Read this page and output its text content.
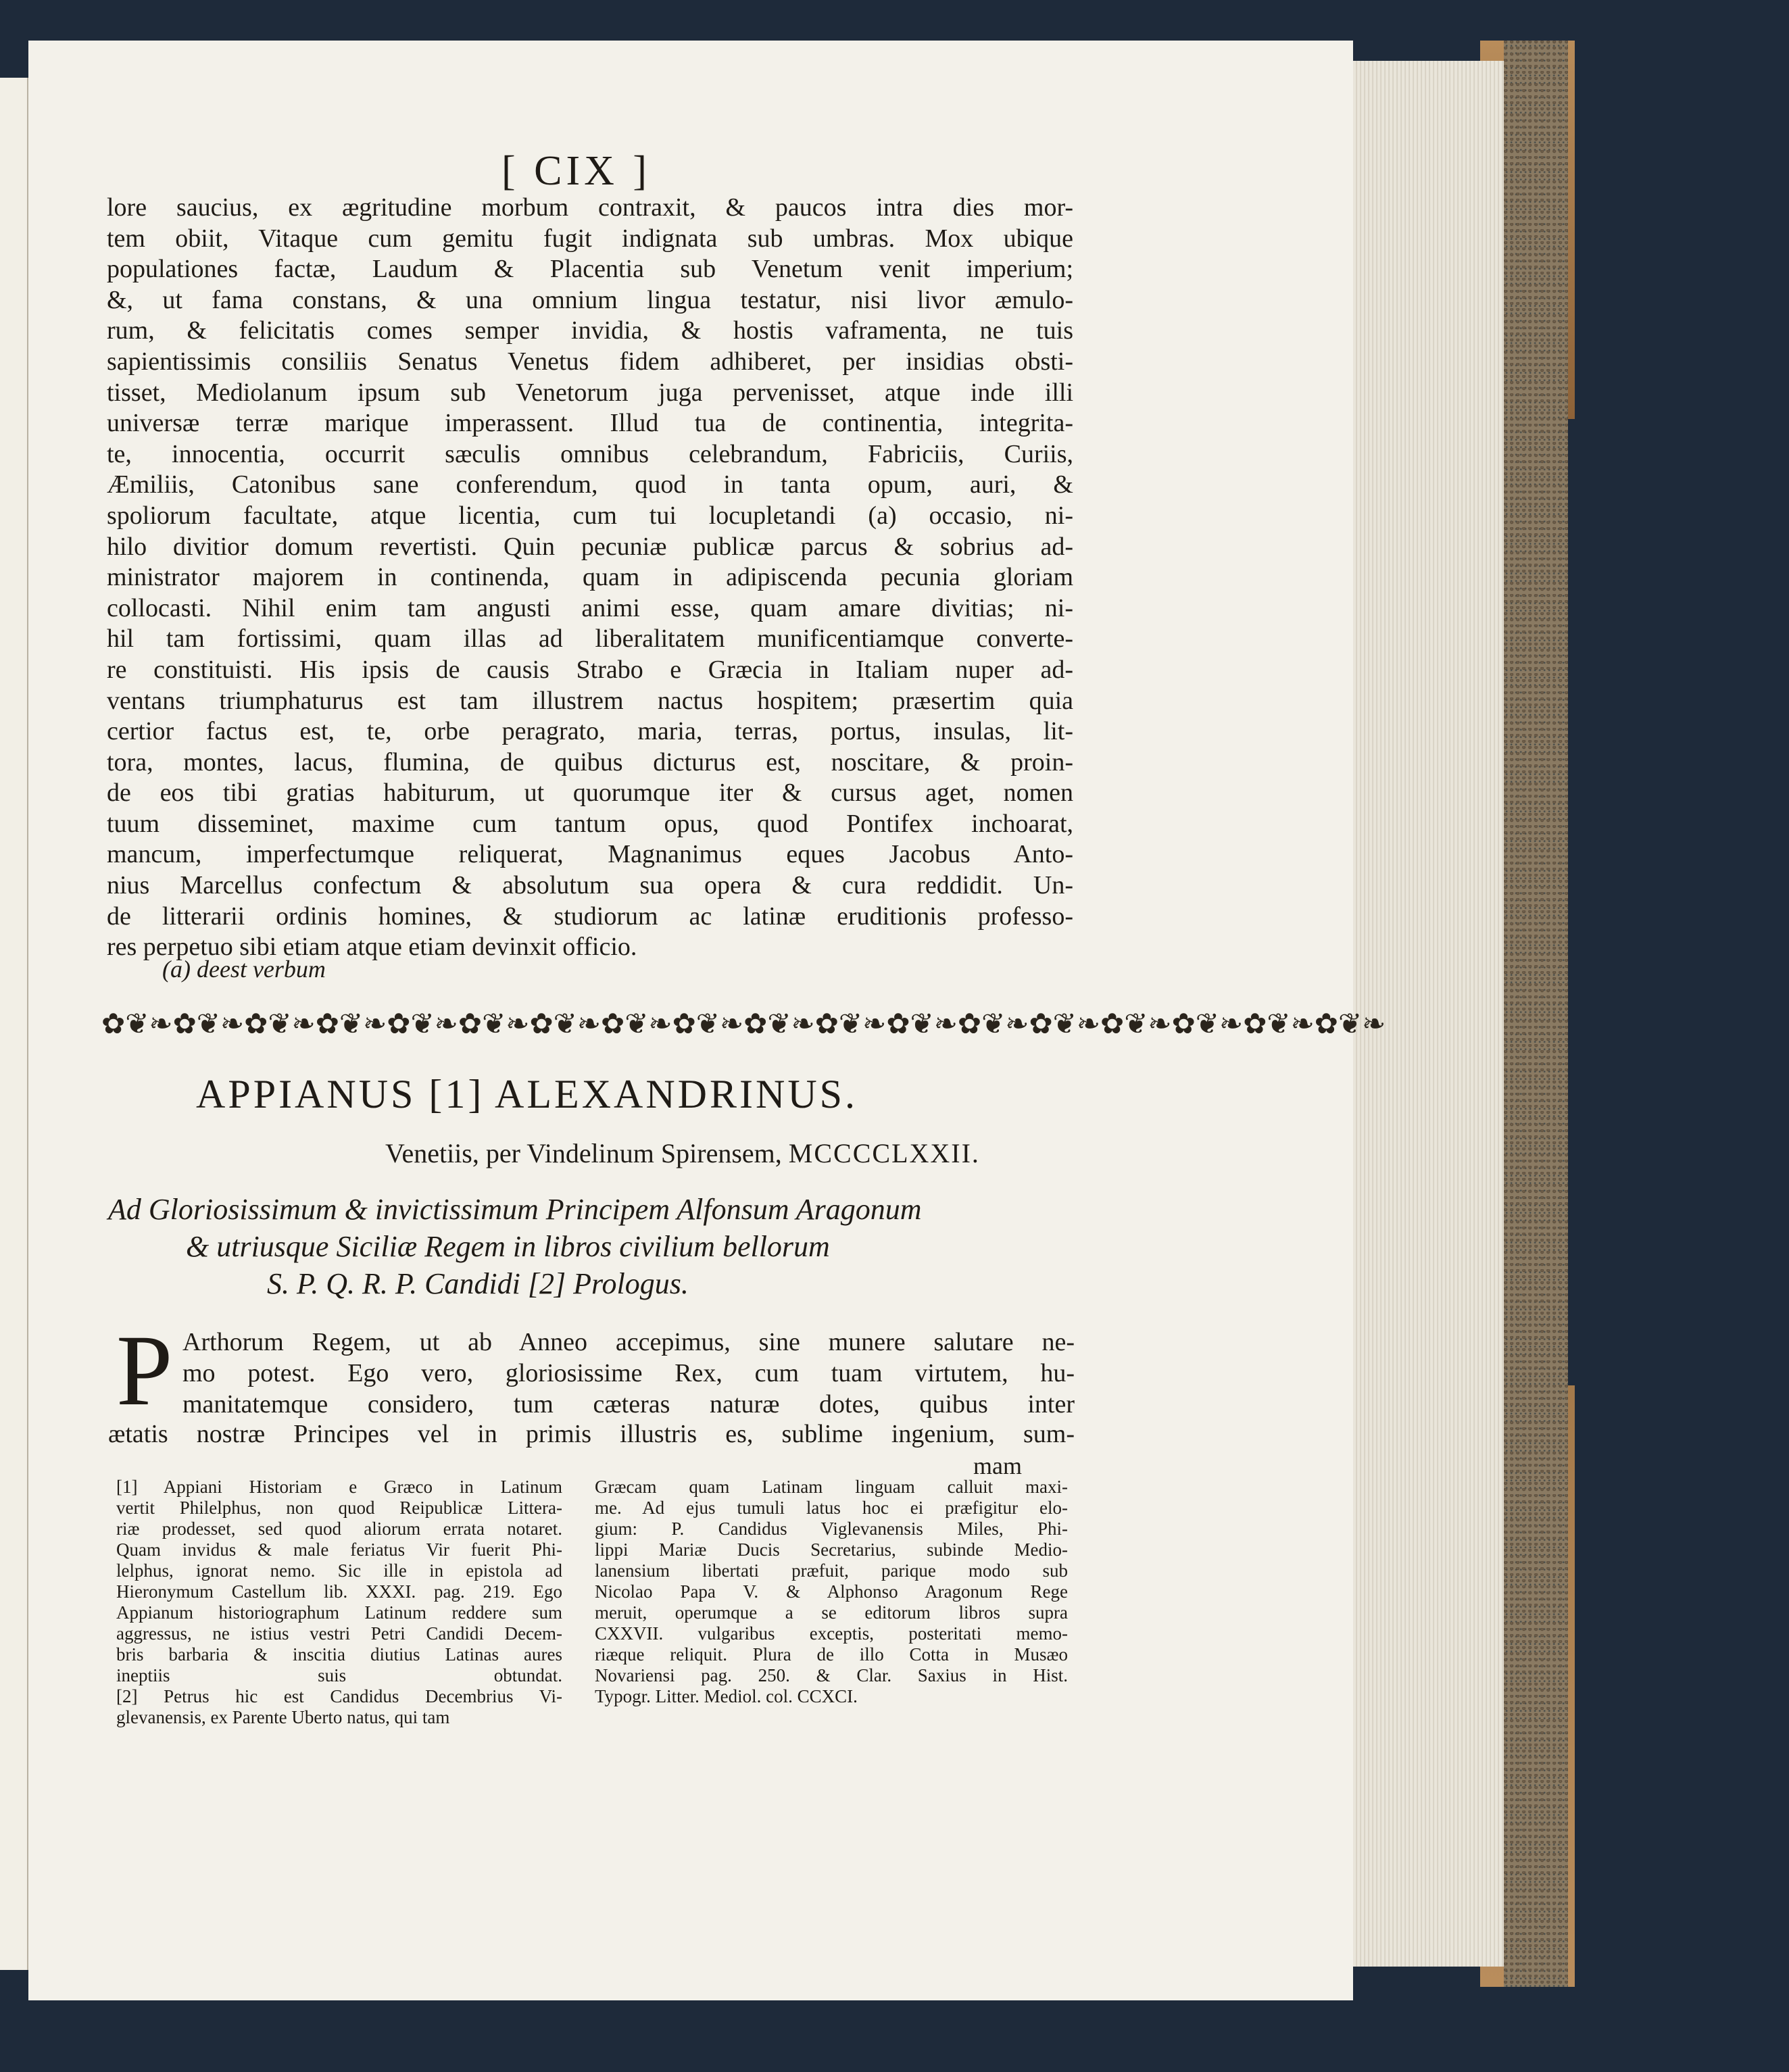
[ CIX ]
lore saucius, ex ægritudine morbum contraxit, & paucos intra dies mor-
tem obiit, Vitaque cum gemitu fugit indignata sub umbras. Mox ubique
populationes factæ, Laudum & Placentia sub Venetum venit imperium;
&, ut fama constans, & una omnium lingua testatur, nisi livor æmulo-
rum, & felicitatis comes semper invidia, & hostis vaframenta, ne tuis
sapientissimis consiliis Senatus Venetus fidem adhiberet, per insidias obsti-
tisset, Mediolanum ipsum sub Venetorum juga pervenisset, atque inde illi
universæ terræ marique imperassent. Illud tua de continentia, integrita-
te, innocentia, occurrit sæculis omnibus celebrandum, Fabriciis, Curiis,
Æmiliis, Catonibus sane conferendum, quod in tanta opum, auri, &
spoliorum facultate, atque licentia, cum tui locupletandi (a) occasio, ni-
hilo divitior domum revertisti. Quin pecuniæ publicæ parcus & sobrius ad-
ministrator majorem in continenda, quam in adipiscenda pecunia gloriam
collocasti. Nihil enim tam angusti animi esse, quam amare divitias; ni-
hil tam fortissimi, quam illas ad liberalitatem munificentiamque converte-
re constituisti. His ipsis de causis Strabo e Græcia in Italiam nuper ad-
ventans triumphaturus est tam illustrem nactus hospitem; præsertim quia
certior factus est, te, orbe peragrato, maria, terras, portus, insulas, lit-
tora, montes, lacus, flumina, de quibus dicturus est, noscitare, & proin-
de eos tibi gratias habiturum, ut quorumque iter & cursus aget, nomen
tuum disseminet, maxime cum tantum opus, quod Pontifex inchoarat,
mancum, imperfectumque reliquerat, Magnanimus eques Jacobus Anto-
nius Marcellus confectum & absolutum sua opera & cura reddidit. Un-
de litterarii ordinis homines, & studiorum ac latinæ eruditionis professo-
res perpetuo sibi etiam atque etiam devinxit officio.
(a) deest verbum
✿❦❧✿❦❧✿❦❧✿❦❧✿❦❧✿❦❧✿❦❧✿❦❧✿❦❧✿❦❧✿❦❧✿❦❧✿❦❧✿❦❧✿❦❧✿❦❧✿❦❧✿❦❧
APPIANUS [1] ALEXANDRINUS.
Venetiis, per Vindelinum Spirensem, MCCCCLXXII.
Ad Gloriosissimum & invictissimum Principem Alfonsum Aragonum
& utriusque Siciliæ Regem in libros civilium bellorum
S. P. Q. R. P. Candidi [2] Prologus.
P Arthorum Regem, ut ab Anneo accepimus, sine munere salutare ne-
mo potest. Ego vero, gloriosissime Rex, cum tuam virtutem, hu-
manitatemque considero, tum cæteras naturæ dotes, quibus inter
ætatis nostræ Principes vel in primis illustris es, sublime ingenium, sum-
mam
[1] Appiani Historiam e Græco in Latinum
vertit Philelphus, non quod Reipublicæ Littera-
riæ prodesset, sed quod aliorum errata notaret.
Quam invidus & male feriatus Vir fuerit Phi-
lelphus, ignorat nemo. Sic ille in epistola ad
Hieronymum Castellum lib. XXXI. pag. 219. Ego
Appianum historiographum Latinum reddere sum
aggressus, ne istius vestri Petri Candidi Decem-
bris barbaria & inscitia diutius Latinas aures
ineptiis suis obtundat.
[2] Petrus hic est Candidus Decembrius Vi-
glevanensis, ex Parente Uberto natus, qui tam
Græcam quam Latinam linguam calluit maxi-
me. Ad ejus tumuli latus hoc ei præfigitur elo-
gium: P. Candidus Viglevanensis Miles, Phi-
lippi Mariæ Ducis Secretarius, subinde Medio-
lanensium libertati præfuit, parique modo sub
Nicolao Papa V. & Alphonso Aragonum Rege
meruit, operumque a se editorum libros supra
CXXVII. vulgaribus exceptis, posteritati memo-
riæque reliquit. Plura de illo Cotta in Musæo
Novariensi pag. 250. & Clar. Saxius in Hist.
Typogr. Litter. Mediol. col. CCXCI.
